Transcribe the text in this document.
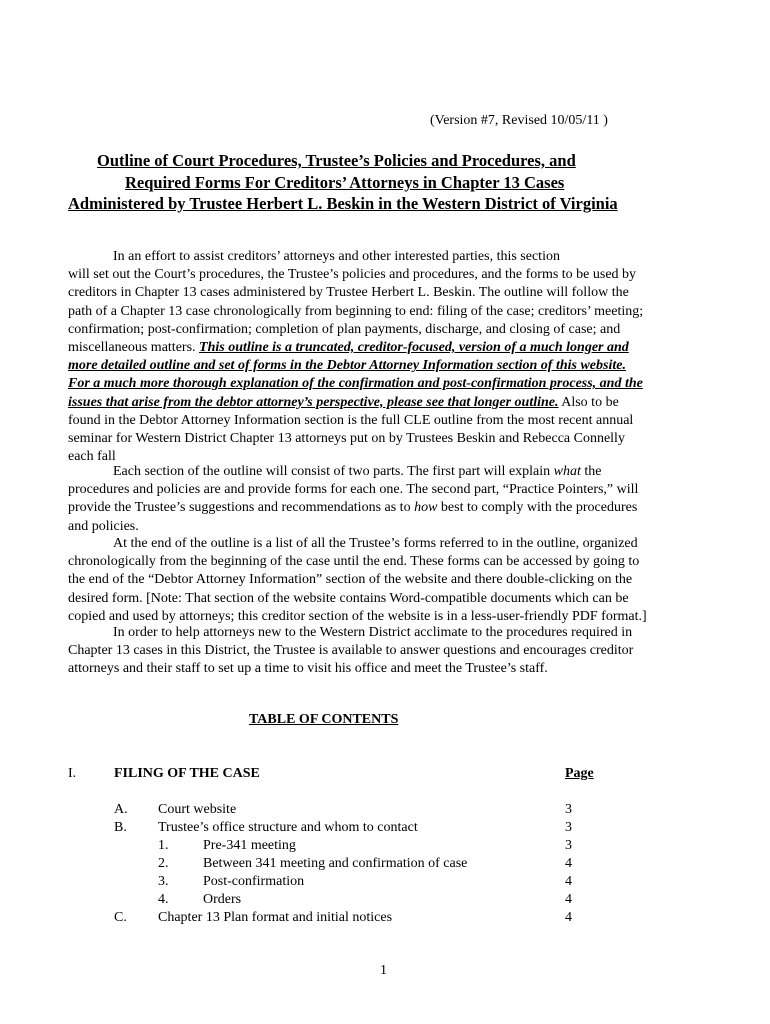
(Version #7, Revised 10/05/11 )
Outline of Court Procedures, Trustee’s Policies and Procedures, and
Required Forms For Creditors’ Attorneys in Chapter 13 Cases
Administered by Trustee Herbert L. Beskin in the Western District of Virginia
In an effort to assist creditors’ attorneys and other interested parties, this section
will set out the Court’s procedures, the Trustee’s policies and procedures, and the forms to be used by
creditors in Chapter 13 cases administered by Trustee Herbert L. Beskin. The outline will follow the
path of a Chapter 13 case chronologically from beginning to end: filing of the case; creditors’ meeting;
confirmation; post-confirmation; completion of plan payments, discharge, and closing of case; and
miscellaneous matters. This outline is a truncated, creditor-focused, version of a much longer and
more detailed outline and set of forms in the Debtor Attorney Information section of this website.
For a much more thorough explanation of the confirmation and post-confirmation process, and the
issues that arise from the debtor attorney’s perspective, please see that longer outline. Also to be
found in the Debtor Attorney Information section is the full CLE outline from the most recent annual
seminar for Western District Chapter 13 attorneys put on by Trustees Beskin and Rebecca Connelly
each fall
Each section of the outline will consist of two parts. The first part will explain what the
procedures and policies are and provide forms for each one. The second part, “Practice Pointers,” will
provide the Trustee’s suggestions and recommendations as to how best to comply with the procedures
and policies.
At the end of the outline is a list of all the Trustee’s forms referred to in the outline, organized
chronologically from the beginning of the case until the end. These forms can be accessed by going to
the end of the “Debtor Attorney Information” section of the website and there double-clicking on the
desired form. [Note: That section of the website contains Word-compatible documents which can be
copied and used by attorneys; this creditor section of the website is in a less-user-friendly PDF format.]
In order to help attorneys new to the Western District acclimate to the procedures required in
Chapter 13 cases in this District, the Trustee is available to answer questions and encourages creditor
attorneys and their staff to set up a time to visit his office and meet the Trustee’s staff.
TABLE OF CONTENTS
I.	FILING OF THE CASE	Page
A. Court website	3
B. Trustee’s office structure and whom to contact	3
1. Pre-341 meeting	3
2. Between 341 meeting and confirmation of case	4
3. Post-confirmation	4
4. Orders	4
C. Chapter 13 Plan format and initial notices	4
1
